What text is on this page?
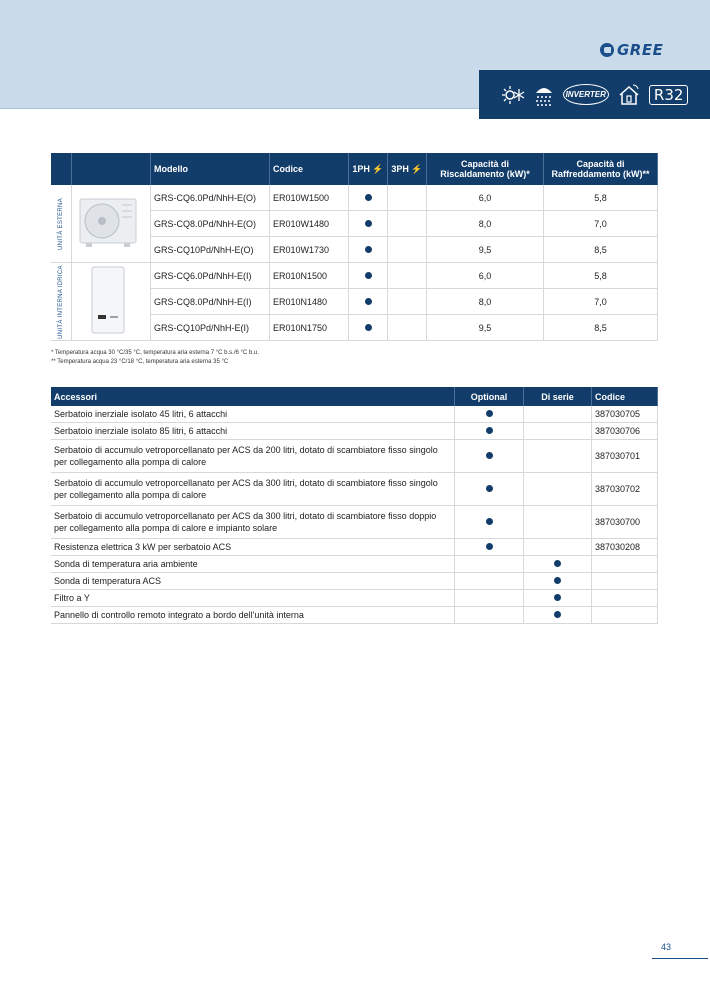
GREE
INVERTER	R32
		Modello	Codice	1PH ⚡	3PH ⚡	Capacità di Riscaldamento (kW)*	Capacità di Raffreddamento (kW)**

UNITÀ ESTERNA		GRS-CQ6.0Pd/NhH-E(O)	ER010W1500			6,0	5,8
		GRS-CQ8.0Pd/NhH-E(O)	ER010W1480			8,0	7,0
		GRS-CQ10Pd/NhH-E(O)	ER010W1730			9,5	8,5

UNITÀ INTERNA IDRICA		GRS-CQ6.0Pd/NhH-E(I)	ER010N1500			6,0	5,8
		GRS-CQ8.0Pd/NhH-E(I)	ER010N1480			8,0	7,0
		GRS-CQ10Pd/NhH-E(I)	ER010N1750			9,5	8,5
* Temperatura acqua 30 °C/35 °C, temperatura aria esterna 7 °C b.s./6 °C b.u.
** Temperatura acqua 23 °C/18 °C, temperatura aria esterna 35 °C
Accessori	Optional	Di serie	Codice
Serbatoio inerziale isolato 45 litri, 6 attacchi			387030705
Serbatoio inerziale isolato 85 litri, 6 attacchi			387030706
Serbatoio di accumulo vetroporcellanato per ACS da 200 litri, dotato di scambiatore fisso singolo per collegamento alla pompa di calore			387030701
Serbatoio di accumulo vetroporcellanato per ACS da 300 litri, dotato di scambiatore fisso singolo per collegamento alla pompa di calore			387030702
Serbatoio di accumulo vetroporcellanato per ACS da 300 litri, dotato di scambiatore fisso doppio per collegamento alla pompa di calore e impianto solare			387030700
Resistenza elettrica 3 kW per serbatoio ACS			387030208
Sonda di temperatura aria ambiente			
Sonda di temperatura ACS			
Filtro a Y			
Pannello di controllo remoto integrato a bordo dell'unità interna			
43
